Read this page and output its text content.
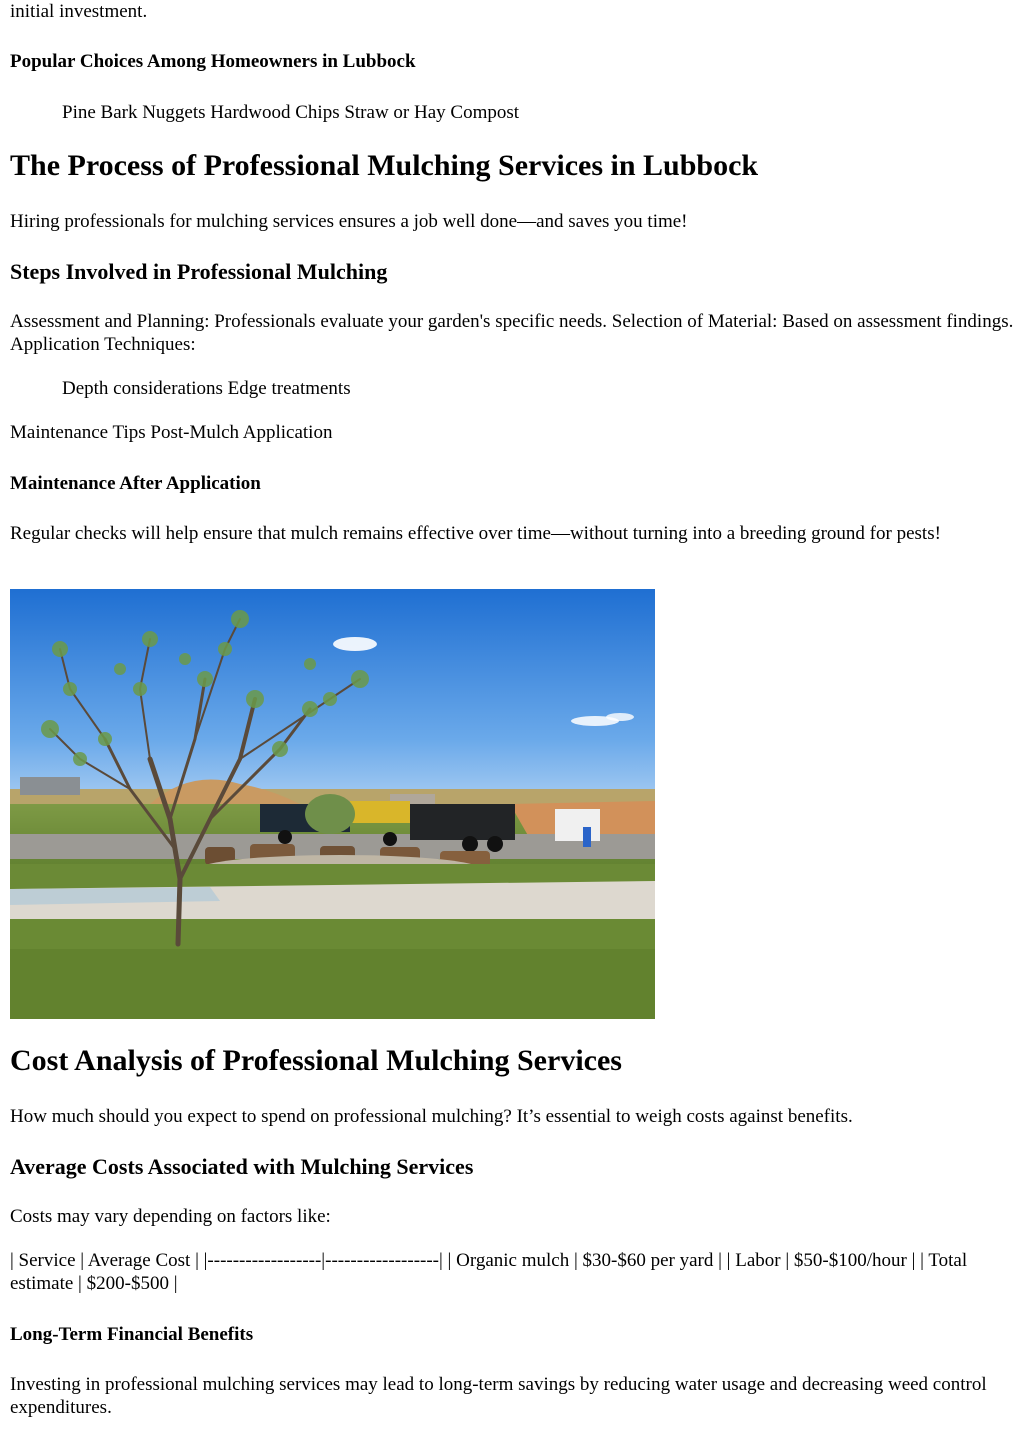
initial investment.
Popular Choices Among Homeowners in Lubbock
Pine Bark Nuggets Hardwood Chips Straw or Hay Compost
The Process of Professional Mulching Services in Lubbock
Hiring professionals for mulching services ensures a job well done—and saves you time!
Steps Involved in Professional Mulching
Assessment and Planning: Professionals evaluate your garden's specific needs. Selection of Material: Based on assessment findings. Application Techniques:
Depth considerations Edge treatments
Maintenance Tips Post-Mulch Application
Maintenance After Application
Regular checks will help ensure that mulch remains effective over time—without turning into a breeding ground for pests!
Cost Analysis of Professional Mulching Services
How much should you expect to spend on professional mulching? It’s essential to weigh costs against benefits.
Average Costs Associated with Mulching Services
Costs may vary depending on factors like:
| Service | Average Cost | |------------------|------------------| | Organic mulch | $30-$60 per yard | | Labor | $50-$100/hour | | Total estimate | $200-$500 |
Long-Term Financial Benefits
Investing in professional mulching services may lead to long-term savings by reducing water usage and decreasing weed control expenditures.
